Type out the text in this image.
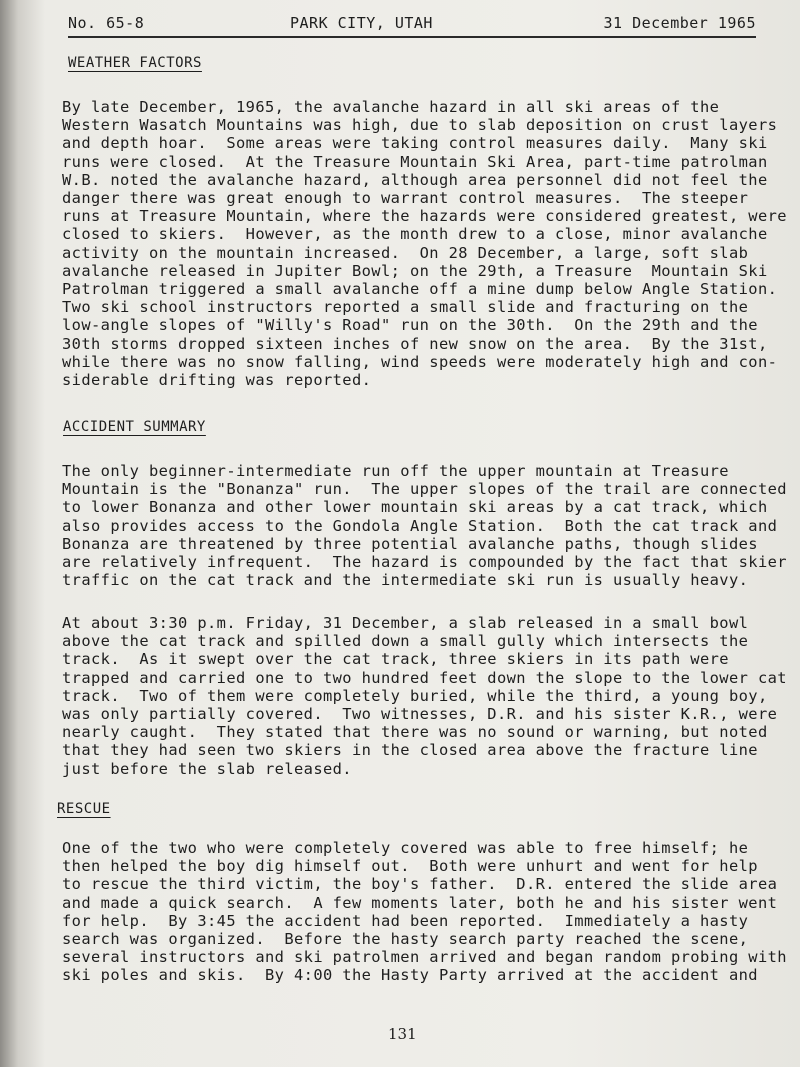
No. 65-8	PARK CITY, UTAH	31 December 1965
WEATHER FACTORS
By late December, 1965, the avalanche hazard in all ski areas of the
Western Wasatch Mountains was high, due to slab deposition on crust layers
and depth hoar.  Some areas were taking control measures daily.  Many ski
runs were closed.  At the Treasure Mountain Ski Area, part-time patrolman
W.B. noted the avalanche hazard, although area personnel did not feel the
danger there was great enough to warrant control measures.  The steeper
runs at Treasure Mountain, where the hazards were considered greatest, were
closed to skiers.  However, as the month drew to a close, minor avalanche
activity on the mountain increased.  On 28 December, a large, soft slab
avalanche released in Jupiter Bowl; on the 29th, a Treasure  Mountain Ski
Patrolman triggered a small avalanche off a mine dump below Angle Station.
Two ski school instructors reported a small slide and fracturing on the
low-angle slopes of "Willy's Road" run on the 30th.  On the 29th and the
30th storms dropped sixteen inches of new snow on the area.  By the 31st,
while there was no snow falling, wind speeds were moderately high and con-
siderable drifting was reported.
ACCIDENT SUMMARY
The only beginner-intermediate run off the upper mountain at Treasure
Mountain is the "Bonanza" run.  The upper slopes of the trail are connected
to lower Bonanza and other lower mountain ski areas by a cat track, which
also provides access to the Gondola Angle Station.  Both the cat track and
Bonanza are threatened by three potential avalanche paths, though slides
are relatively infrequent.  The hazard is compounded by the fact that skier
traffic on the cat track and the intermediate ski run is usually heavy.
At about 3:30 p.m. Friday, 31 December, a slab released in a small bowl
above the cat track and spilled down a small gully which intersects the
track.  As it swept over the cat track, three skiers in its path were
trapped and carried one to two hundred feet down the slope to the lower cat
track.  Two of them were completely buried, while the third, a young boy,
was only partially covered.  Two witnesses, D.R. and his sister K.R., were
nearly caught.  They stated that there was no sound or warning, but noted
that they had seen two skiers in the closed area above the fracture line
just before the slab released.
RESCUE
One of the two who were completely covered was able to free himself; he
then helped the boy dig himself out.  Both were unhurt and went for help
to rescue the third victim, the boy's father.  D.R. entered the slide area
and made a quick search.  A few moments later, both he and his sister went
for help.  By 3:45 the accident had been reported.  Immediately a hasty
search was organized.  Before the hasty search party reached the scene,
several instructors and ski patrolmen arrived and began random probing with
ski poles and skis.  By 4:00 the Hasty Party arrived at the accident and
131
